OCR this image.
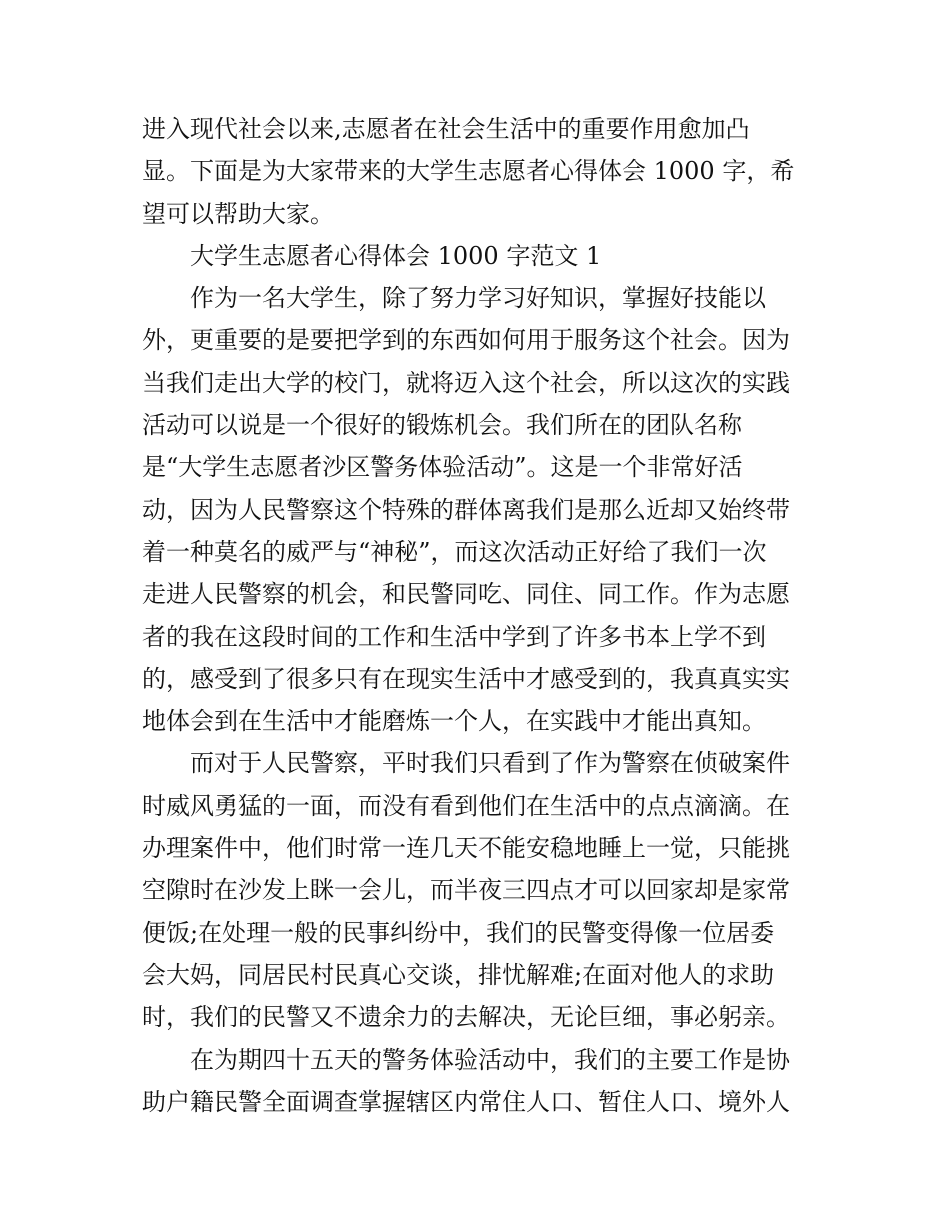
进入现代社会以来,志愿者在社会生活中的重要作用愈加凸
显。下面是为大家带来的大学生志愿者心得体会 1000 字，希
望可以帮助大家。
大学生志愿者心得体会 1000 字范文 1
作为一名大学生，除了努力学习好知识，掌握好技能以
外，更重要的是要把学到的东西如何用于服务这个社会。因为
当我们走出大学的校门，就将迈入这个社会，所以这次的实践
活动可以说是一个很好的锻炼机会。我们所在的团队名称
是“大学生志愿者沙区警务体验活动”。这是一个非常好活
动，因为人民警察这个特殊的群体离我们是那么近却又始终带
着一种莫名的威严与“神秘”，而这次活动正好给了我们一次
走进人民警察的机会，和民警同吃、同住、同工作。作为志愿
者的我在这段时间的工作和生活中学到了许多书本上学不到
的，感受到了很多只有在现实生活中才感受到的，我真真实实
地体会到在生活中才能磨炼一个人，在实践中才能出真知。
而对于人民警察，平时我们只看到了作为警察在侦破案件
时威风勇猛的一面，而没有看到他们在生活中的点点滴滴。在
办理案件中，他们时常一连几天不能安稳地睡上一觉，只能挑
空隙时在沙发上眯一会儿，而半夜三四点才可以回家却是家常
便饭;在处理一般的民事纠纷中，我们的民警变得像一位居委
会大妈，同居民村民真心交谈，排忧解难;在面对他人的求助
时，我们的民警又不遗余力的去解决，无论巨细，事必躬亲。
在为期四十五天的警务体验活动中，我们的主要工作是协
助户籍民警全面调查掌握辖区内常住人口、暂住人口、境外人
